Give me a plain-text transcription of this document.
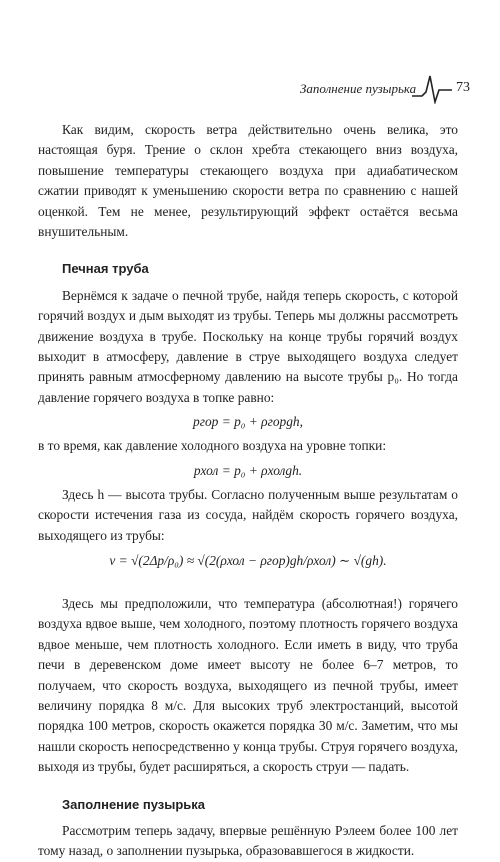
Заполнение пузырька	73

Как видим, скорость ветра действительно очень велика, это настоящая буря. Трение о склон хребта стекающего вниз воздуха, повышение температуры стекающего воздуха при адиабатическом сжатии приводят к уменьшению скорости ветра по сравнению с нашей оценкой. Тем не менее, результирующий эффект остаётся весьма внушительным.

Печная труба

Вернёмся к задаче о печной трубе, найдя теперь скорость, с которой горячий воздух и дым выходят из трубы. Теперь мы должны рассмотреть движение воздуха в трубе. Поскольку на конце трубы горячий воздух выходит в атмосферу, давление в струе выходящего воздуха следует принять равным атмосферному давлению на высоте трубы p₀. Но тогда давление горячего воздуха в топке равно:

pгор = p₀ + ρгорgh,

в то время, как давление холодного воздуха на уровне топки:

pхол = p₀ + ρхолgh.

Здесь h — высота трубы. Согласно полученным выше результатам о скорости истечения газа из сосуда, найдём скорость горячего воздуха, выходящего из трубы:

v = √(2Δp/ρ₀) ≈ √(2(ρхол − ρгор)gh/ρхол) ∼ √(gh).

Здесь мы предположили, что температура (абсолютная!) горячего воздуха вдвое выше, чем холодного, поэтому плотность горячего воздуха вдвое меньше, чем плотность холодного. Если иметь в виду, что труба печи в деревенском доме имеет высоту не более 6–7 метров, то получаем, что скорость воздуха, выходящего из печной трубы, имеет величину порядка 8 м/с. Для высоких труб электростанций, высотой порядка 100 метров, скорость окажется порядка 30 м/с. Заметим, что мы нашли скорость непосредственно у конца трубы. Струя горячего воздуха, выходя из трубы, будет расширяться, а скорость струи — падать.

Заполнение пузырька

Рассмотрим теперь задачу, впервые решённую Рэлеем более 100 лет тому назад, о заполнении пузырька, образовавшегося в жидкости.
